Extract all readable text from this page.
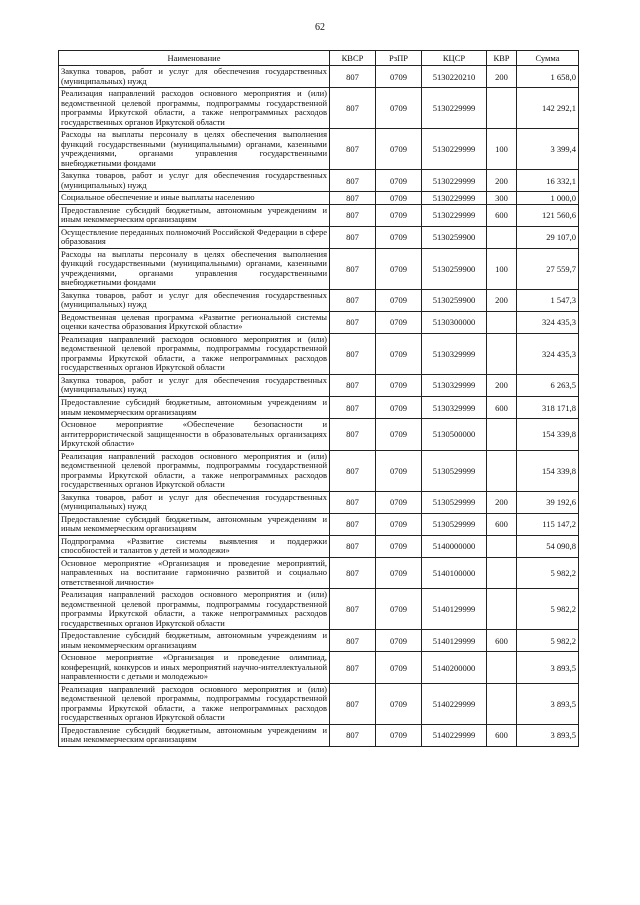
62
Наименование	КВСР	РзПР	КЦСР	КВР	Сумма
Закупка товаров, работ и услуг для обеспечения государственных (муниципальных) нужд	807	0709	5130220210	200	1 658,0
Реализация направлений расходов основного мероприятия и (или) ведомственной целевой программы, подпрограммы государственной программы Иркутской области, а также непрограммных расходов государственных органов Иркутской области	807	0709	5130229999		142 292,1
Расходы на выплаты персоналу в целях обеспечения выполнения функций государственными (муниципальными) органами, казенными учреждениями, органами управления государственными внебюджетными фондами	807	0709	5130229999	100	3 399,4
Закупка товаров, работ и услуг для обеспечения государственных (муниципальных) нужд	807	0709	5130229999	200	16 332,1
Социальное обеспечение и иные выплаты населению	807	0709	5130229999	300	1 000,0
Предоставление субсидий бюджетным, автономным учреждениям и иным некоммерческим организациям	807	0709	5130229999	600	121 560,6
Осуществление переданных полномочий Российской Федерации в сфере образования	807	0709	5130259900		29 107,0
Расходы на выплаты персоналу в целях обеспечения выполнения функций государственными (муниципальными) органами, казенными учреждениями, органами управления государственными внебюджетными фондами	807	0709	5130259900	100	27 559,7
Закупка товаров, работ и услуг для обеспечения государственных (муниципальных) нужд	807	0709	5130259900	200	1 547,3
Ведомственная целевая программа «Развитие региональной системы оценки качества образования Иркутской области»	807	0709	5130300000		324 435,3
Реализация направлений расходов основного мероприятия и (или) ведомственной целевой программы, подпрограммы государственной программы Иркутской области, а также непрограммных расходов государственных органов Иркутской области	807	0709	5130329999		324 435,3
Закупка товаров, работ и услуг для обеспечения государственных (муниципальных) нужд	807	0709	5130329999	200	6 263,5
Предоставление субсидий бюджетным, автономным учреждениям и иным некоммерческим организациям	807	0709	5130329999	600	318 171,8
Основное мероприятие «Обеспечение безопасности и антитеррористической защищенности в образовательных организациях Иркутской области»	807	0709	5130500000		154 339,8
Реализация направлений расходов основного мероприятия и (или) ведомственной целевой программы, подпрограммы государственной программы Иркутской области, а также непрограммных расходов государственных органов Иркутской области	807	0709	5130529999		154 339,8
Закупка товаров, работ и услуг для обеспечения государственных (муниципальных) нужд	807	0709	5130529999	200	39 192,6
Предоставление субсидий бюджетным, автономным учреждениям и иным некоммерческим организациям	807	0709	5130529999	600	115 147,2
Подпрограмма «Развитие системы выявления и поддержки способностей и талантов у детей и молодежи»	807	0709	5140000000		54 090,8
Основное мероприятие «Организация и проведение мероприятий, направленных на воспитание гармонично развитой и социально ответственной личности»	807	0709	5140100000		5 982,2
Реализация направлений расходов основного мероприятия и (или) ведомственной целевой программы, подпрограммы государственной программы Иркутской области, а также непрограммных расходов государственных органов Иркутской области	807	0709	5140129999		5 982,2
Предоставление субсидий бюджетным, автономным учреждениям и иным некоммерческим организациям	807	0709	5140129999	600	5 982,2
Основное мероприятие «Организация и проведение олимпиад, конференций, конкурсов и иных мероприятий научно-интеллектуальной направленности с детьми и молодежью»	807	0709	5140200000		3 893,5
Реализация направлений расходов основного мероприятия и (или) ведомственной целевой программы, подпрограммы государственной программы Иркутской области, а также непрограммных расходов государственных органов Иркутской области	807	0709	5140229999		3 893,5
Предоставление субсидий бюджетным, автономным учреждениям и иным некоммерческим организациям	807	0709	5140229999	600	3 893,5
